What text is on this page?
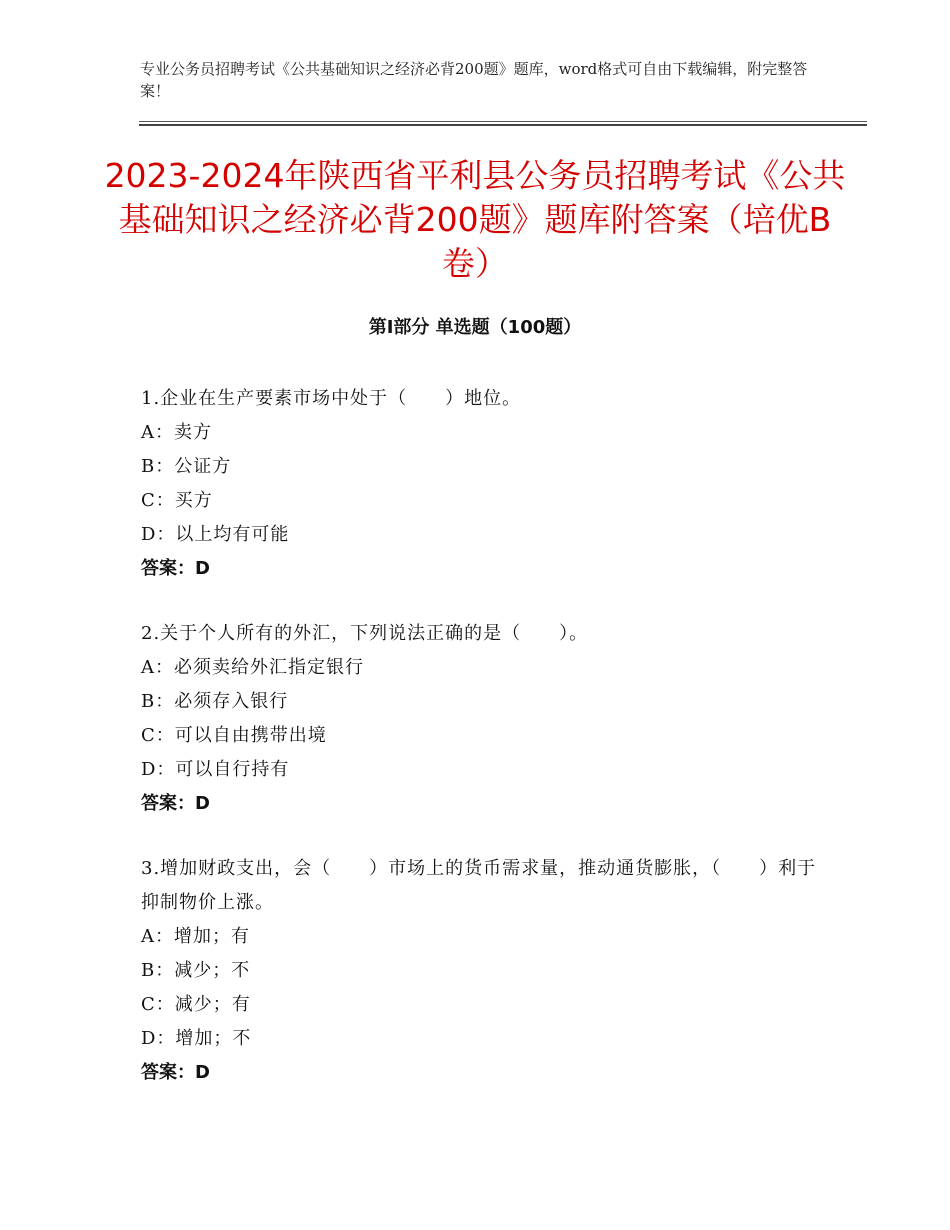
专业公务员招聘考试《公共基础知识之经济必背200题》题库，word格式可自由下载编辑，附完整答案！
2023-2024年陕西省平利县公务员招聘考试《公共基础知识之经济必背200题》题库附答案（培优B卷）
第Ⅰ部分 单选题（100题）
1.企业在生产要素市场中处于（　　）地位。
A：卖方
B：公证方
C：买方
D：以上均有可能
答案：D
2.关于个人所有的外汇，下列说法正确的是（　　）。
A：必须卖给外汇指定银行
B：必须存入银行
C：可以自由携带出境
D：可以自行持有
答案：D
3.增加财政支出，会（　　）市场上的货币需求量，推动通货膨胀，（　　）利于抑制物价上涨。
A：增加；有
B：减少；不
C：减少；有
D：增加；不
答案：D
